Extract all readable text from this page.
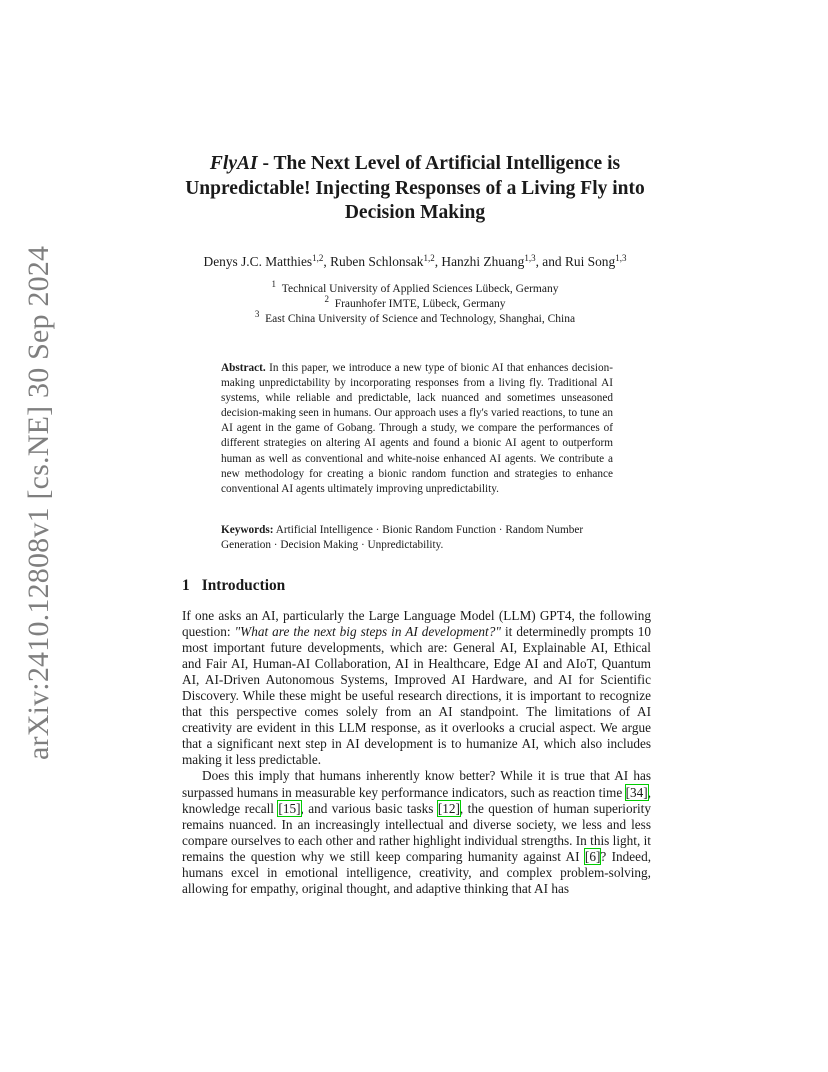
arXiv:2410.12808v1 [cs.NE] 30 Sep 2024
FlyAI - The Next Level of Artificial Intelligence is Unpredictable! Injecting Responses of a Living Fly into Decision Making
Denys J.C. Matthies$^{1,2}$, Ruben Schlonsak$^{1,2}$, Hanzhi Zhuang$^{1,3}$, and Rui Song$^{1,3}$
$^1$ Technical University of Applied Sciences Lübeck, Germany
$^2$ Fraunhofer IMTE, Lübeck, Germany
$^3$ East China University of Science and Technology, Shanghai, China
Abstract. In this paper, we introduce a new type of bionic AI that enhances decision-making unpredictability by incorporating responses from a living fly. Traditional AI systems, while reliable and predictable, lack nuanced and sometimes unseasoned decision-making seen in humans. Our approach uses a fly's varied reactions, to tune an AI agent in the game of Gobang. Through a study, we compare the performances of different strategies on altering AI agents and found a bionic AI agent to outperform human as well as conventional and white-noise enhanced AI agents. We contribute a new methodology for creating a bionic random function and strategies to enhance conventional AI agents ultimately improving unpredictability.
Keywords: Artificial Intelligence · Bionic Random Function · Random Number Generation · Decision Making · Unpredictability.
1 Introduction

If one asks an AI, particularly the Large Language Model (LLM) GPT4, the following question: "What are the next big steps in AI development?" it determinedly prompts 10 most important future developments, which are: General AI, Explainable AI, Ethical and Fair AI, Human-AI Collaboration, AI in Healthcare, Edge AI and AIoT, Quantum AI, AI-Driven Autonomous Systems, Improved AI Hardware, and AI for Scientific Discovery. While these might be useful research directions, it is important to recognize that this perspective comes solely from an AI standpoint. The limitations of AI creativity are evident in this LLM response, as it overlooks a crucial aspect. We argue that a significant next step in AI development is to humanize AI, which also includes making it less predictable.

Does this imply that humans inherently know better? While it is true that AI has surpassed humans in measurable key performance indicators, such as reaction time [34], knowledge recall [15], and various basic tasks [12], the question of human superiority remains nuanced. In an increasingly intellectual and diverse society, we less and less compare ourselves to each other and rather highlight individual strengths. In this light, it remains the question why we still keep comparing humanity against AI [6]? Indeed, humans excel in emotional intelligence, creativity, and complex problem-solving, allowing for empathy, original thought, and adaptive thinking that AI has
